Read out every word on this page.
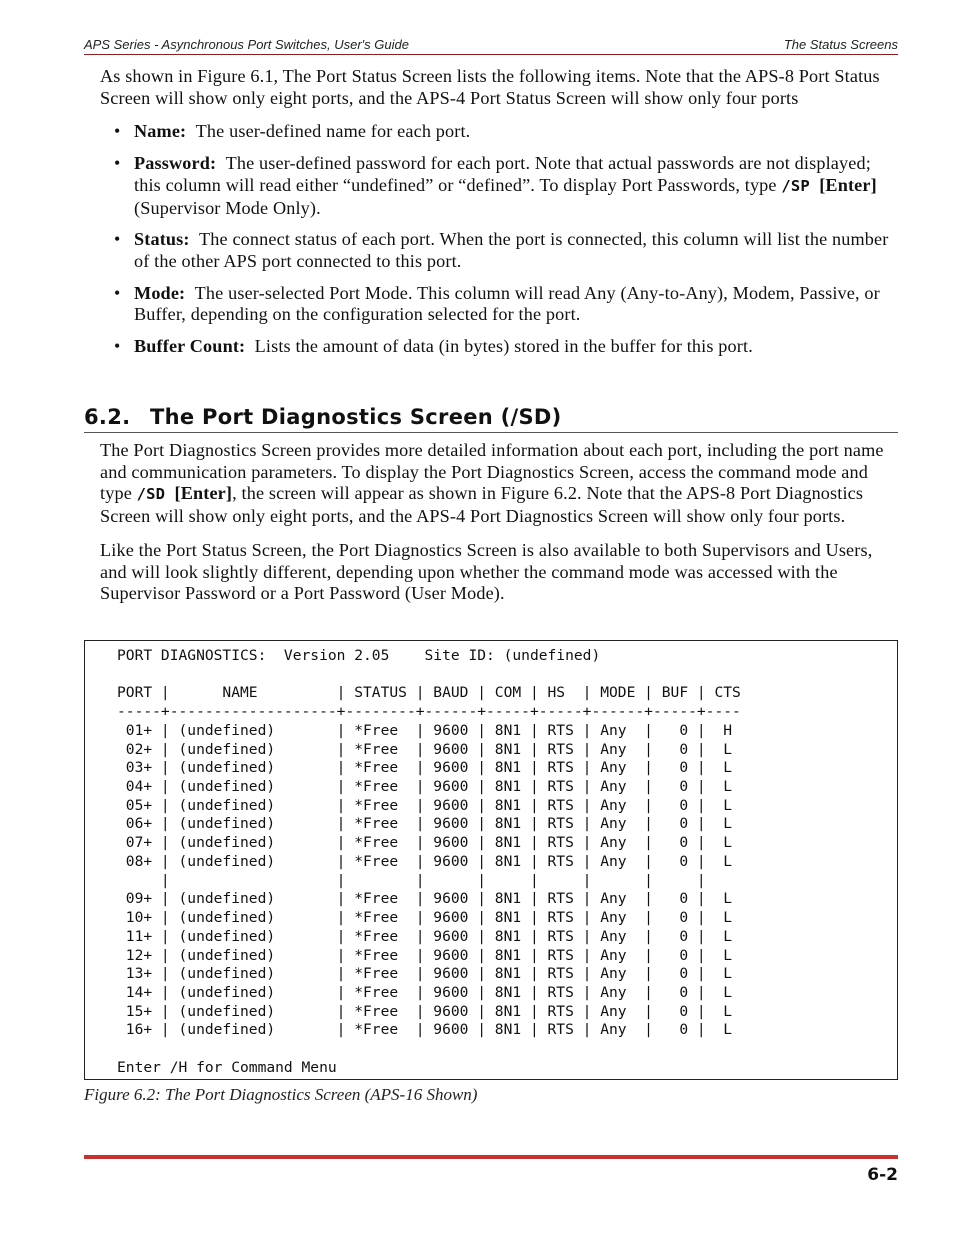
APS Series - Asynchronous Port Switches, User's Guide	The Status Screens

As shown in Figure 6.1, The Port Status Screen lists the following items. Note that the APS-8 Port Status Screen will show only eight ports, and the APS-4 Port Status Screen will show only four ports

• Name: The user-defined name for each port.
• Password: The user-defined password for each port. Note that actual passwords are not displayed; this column will read either “undefined” or “defined”. To display Port Passwords, type /SP [Enter] (Supervisor Mode Only).
• Status: The connect status of each port. When the port is connected, this column will list the number of the other APS port connected to this port.
• Mode: The user-selected Port Mode. This column will read Any (Any-to-Any), Modem, Passive, or Buffer, depending on the configuration selected for the port.
• Buffer Count: Lists the amount of data (in bytes) stored in the buffer for this port.
6.2. The Port Diagnostics Screen (/SD)

The Port Diagnostics Screen provides more detailed information about each port, including the port name and communication parameters. To display the Port Diagnostics Screen, access the command mode and type /SD [Enter], the screen will appear as shown in Figure 6.2. Note that the APS-8 Port Diagnostics Screen will show only eight ports, and the APS-4 Port Diagnostics Screen will show only four ports.

Like the Port Status Screen, the Port Diagnostics Screen is also available to both Supervisors and Users, and will look slightly different, depending upon whether the command mode was accessed with the Supervisor Password or a Port Password (User Mode).

PORT DIAGNOSTICS:  Version 2.05    Site ID: (undefined)

PORT |      NAME         | STATUS | BAUD | COM | HS  | MODE | BUF | CTS
-----+-------------------+--------+------+-----+-----+------+-----+----
01+ | (undefined)       | *Free  | 9600 | 8N1 | RTS | Any  |   0 |  H
02+ | (undefined)       | *Free  | 9600 | 8N1 | RTS | Any  |   0 |  L
03+ | (undefined)       | *Free  | 9600 | 8N1 | RTS | Any  |   0 |  L
04+ | (undefined)       | *Free  | 9600 | 8N1 | RTS | Any  |   0 |  L
05+ | (undefined)       | *Free  | 9600 | 8N1 | RTS | Any  |   0 |  L
06+ | (undefined)       | *Free  | 9600 | 8N1 | RTS | Any  |   0 |  L
07+ | (undefined)       | *Free  | 9600 | 8N1 | RTS | Any  |   0 |  L
08+ | (undefined)       | *Free  | 9600 | 8N1 | RTS | Any  |   0 |  L
|                   |        |      |     |     |      |     |
09+ | (undefined)       | *Free  | 9600 | 8N1 | RTS | Any  |   0 |  L
10+ | (undefined)       | *Free  | 9600 | 8N1 | RTS | Any  |   0 |  L
11+ | (undefined)       | *Free  | 9600 | 8N1 | RTS | Any  |   0 |  L
12+ | (undefined)       | *Free  | 9600 | 8N1 | RTS | Any  |   0 |  L
13+ | (undefined)       | *Free  | 9600 | 8N1 | RTS | Any  |   0 |  L
14+ | (undefined)       | *Free  | 9600 | 8N1 | RTS | Any  |   0 |  L
15+ | (undefined)       | *Free  | 9600 | 8N1 | RTS | Any  |   0 |  L
16+ | (undefined)       | *Free  | 9600 | 8N1 | RTS | Any  |   0 |  L

Enter /H for Command Menu
Figure 6.2: The Port Diagnostics Screen (APS-16 Shown)
6-2
